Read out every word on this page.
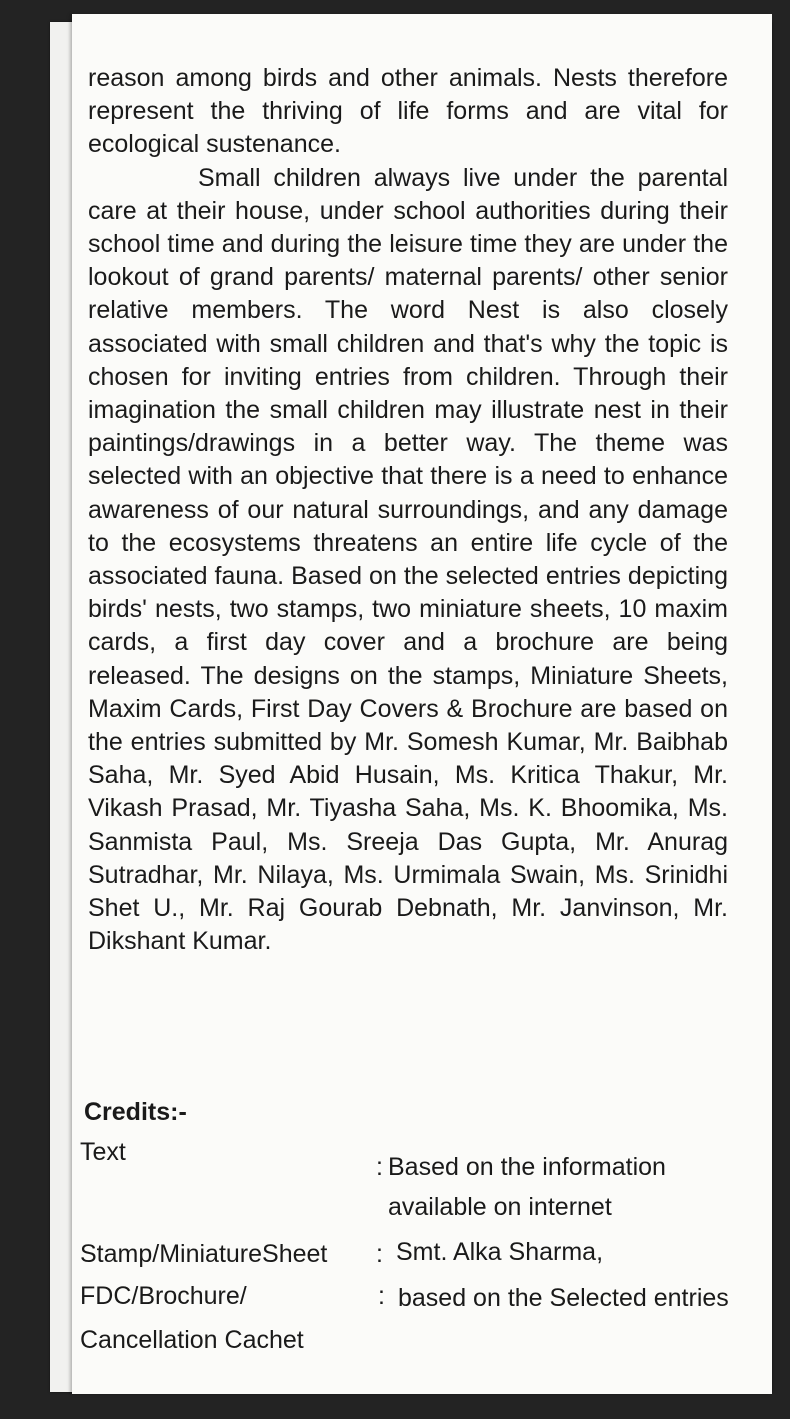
reason among birds and other animals. Nests therefore represent the thriving of life forms and are vital for ecological sustenance.

Small children always live under the parental care at their house, under school authorities during their school time and during the leisure time they are under the lookout of grand parents/ maternal parents/ other senior relative members. The word Nest is also closely associated with small children and that's why the topic is chosen for inviting entries from children. Through their imagination the small children may illustrate nest in their paintings/drawings in a better way. The theme was selected with an objective that there is a need to enhance awareness of our natural surroundings, and any damage to the ecosystems threatens an entire life cycle of the associated fauna. Based on the selected entries depicting birds' nests, two stamps, two miniature sheets, 10 maxim cards, a first day cover and a brochure are being released. The designs on the stamps, Miniature Sheets, Maxim Cards, First Day Covers & Brochure are based on the entries submitted by Mr. Somesh Kumar, Mr. Baibhab Saha, Mr. Syed Abid Husain, Ms. Kritica Thakur, Mr. Vikash Prasad, Mr. Tiyasha Saha, Ms. K. Bhoomika, Ms. Sanmista Paul, Ms. Sreeja Das Gupta, Mr. Anurag Sutradhar, Mr. Nilaya, Ms. Urmimala Swain, Ms. Srinidhi Shet U., Mr. Raj Gourab Debnath, Mr. Janvinson, Mr. Dikshant Kumar.

Credits:-
Text
: Based on the information available on internet
Stamp/MiniatureSheet : Smt. Alka Sharma,
FDC/Brochure/	: based on the Selected entries
Cancellation Cachet
